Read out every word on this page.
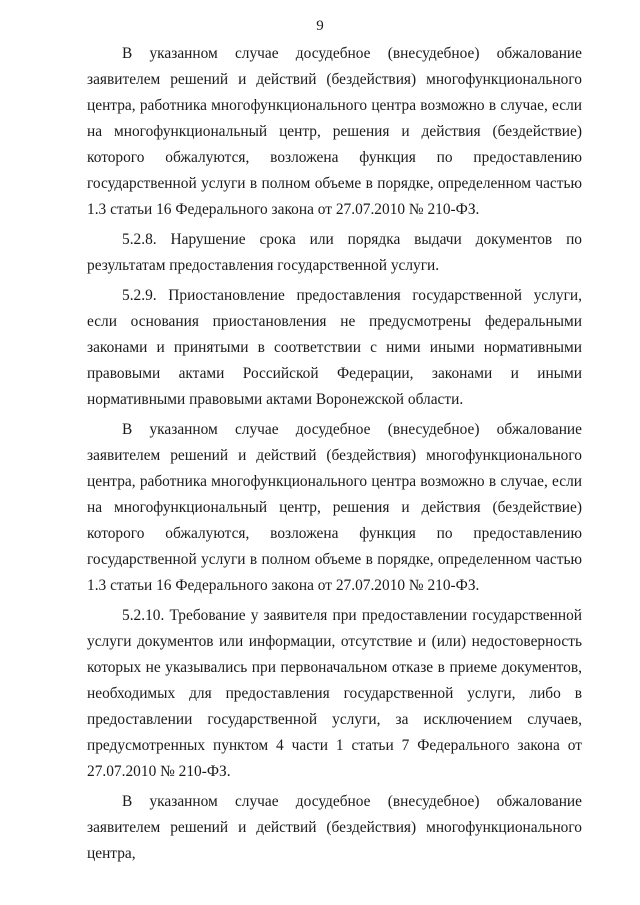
9

В указанном случае досудебное (внесудебное) обжалование заявителем решений и действий (бездействия) многофункционального центра, работника многофункционального центра возможно в случае, если на многофункциональный центр, решения и действия (бездействие) которого обжалуются, возложена функция по предоставлению государственной услуги в полном объеме в порядке, определенном частью 1.3 статьи 16 Федерального закона от 27.07.2010 № 210-ФЗ.

5.2.8. Нарушение срока или порядка выдачи документов по результатам предоставления государственной услуги.

5.2.9. Приостановление предоставления государственной услуги, если основания приостановления не предусмотрены федеральными законами и принятыми в соответствии с ними иными нормативными правовыми актами Российской Федерации, законами и иными нормативными правовыми актами Воронежской области.

В указанном случае досудебное (внесудебное) обжалование заявителем решений и действий (бездействия) многофункционального центра, работника многофункционального центра возможно в случае, если на многофункциональный центр, решения и действия (бездействие) которого обжалуются, возложена функция по предоставлению государственной услуги в полном объеме в порядке, определенном частью 1.3 статьи 16 Федерального закона от 27.07.2010 № 210-ФЗ.

5.2.10. Требование у заявителя при предоставлении государственной услуги документов или информации, отсутствие и (или) недостоверность которых не указывались при первоначальном отказе в приеме документов, необходимых для предоставления государственной услуги, либо в предоставлении государственной услуги, за исключением случаев, предусмотренных пунктом 4 части 1 статьи 7 Федерального закона от 27.07.2010 № 210-ФЗ.

В указанном случае досудебное (внесудебное) обжалование заявителем решений и действий (бездействия) многофункционального центра,
